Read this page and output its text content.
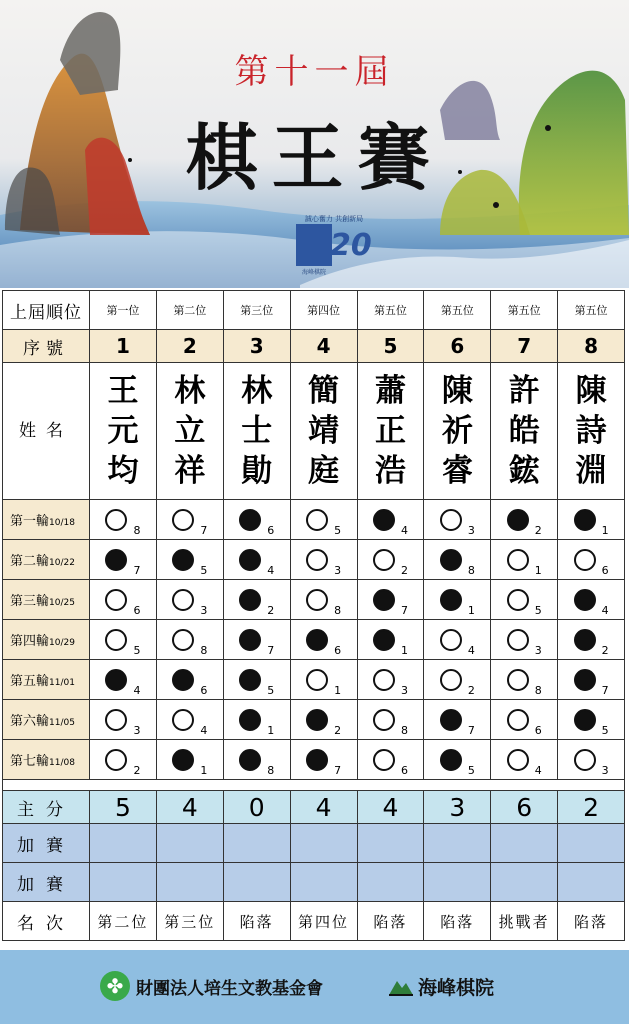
第十一屆
棋王賽
誠心奮力 共創新局
20
海峰棋院
上屆順位	第一位	第二位	第三位	第四位	第五位	第五位	第五位	第五位
序號	1	2	3	4	5	6	7	8
姓名	王元均	林立祥	林士勛	簡靖庭	蕭正浩	陳祈睿	許皓鋐	陳詩淵
第一輪10/18	8	7	6	5	4	3	2	1
第二輪10/22	7	5	4	3	2	8	1	6
第三輪10/25	6	3	2	8	7	1	5	4
第四輪10/29	5	8	7	6	1	4	3	2
第五輪11/01	4	6	5	1	3	2	8	7
第六輪11/05	3	4	1	2	8	7	6	5
第七輪11/08	2	1	8	7	6	5	4	3

主分	5	4	0	4	4	3	6	2
加賽								
加賽								
名次	第二位	第三位	陷落	第四位	陷落	陷落	挑戰者	陷落
✤
財團法人培生文教基金會	海峰棋院
